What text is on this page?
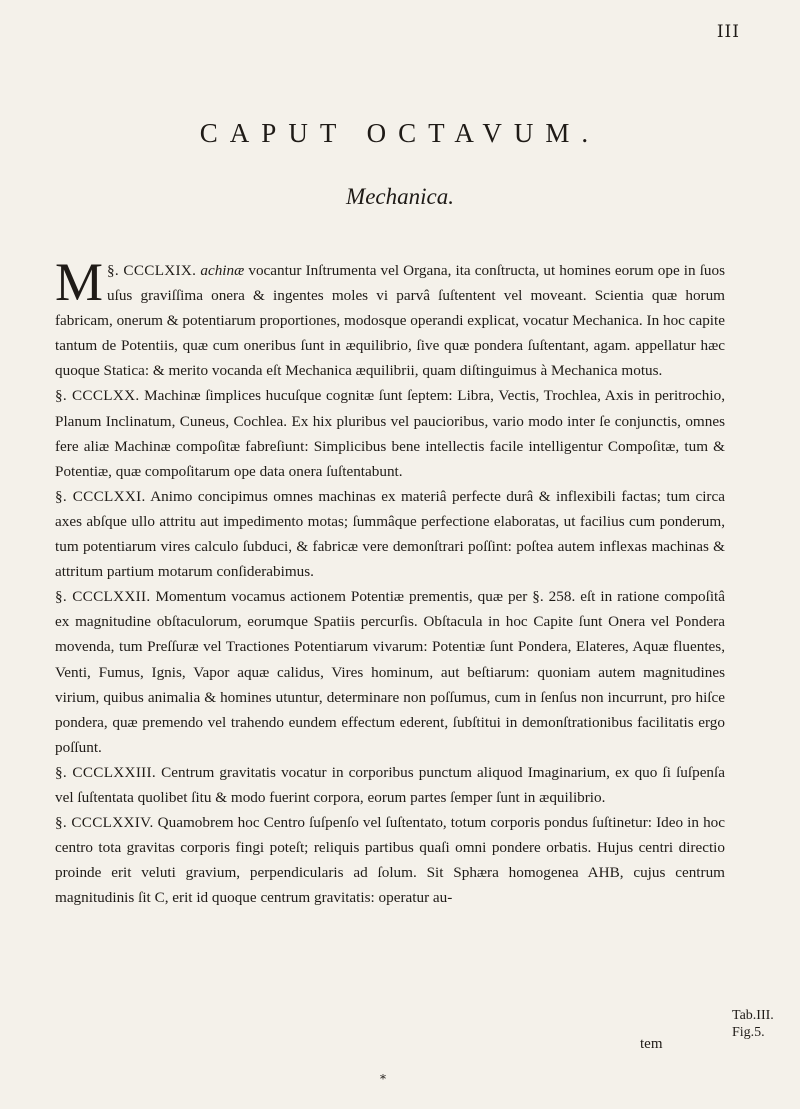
III
CAPUT OCTAVUM.
Mechanica.

§. CCCLXIX.
M	achinæ vocantur Inſtrumenta vel Organa, ita conſtructa, ut homines eorum ope in ſuos uſus graviſſima onera & ingentes moles vi parvâ ſuſtentent vel moveant. Scientia quæ horum fabricam, onerum & potentiarum proportiones, modosque operandi explicat, vocatur Mechanica. In hoc capite tantum de Potentiis, quæ cum oneribus ſunt in æquilibrio, ſive quæ pondera ſuſtentant, agam. appellatur hæc quoque Statica: & merito vocanda eſt Mechanica æquilibrii, quam diſtinguimus à Mechanica motus.

§. CCCLXX. Machinæ ſimplices hucuſque cognitæ ſunt ſeptem: Libra, Vectis, Trochlea, Axis in peritrochio, Planum Inclinatum, Cuneus, Cochlea. Ex hix pluribus vel paucioribus, vario modo inter ſe conjunctis, omnes fere aliæ Machinæ compoſitæ fabreſiunt: Simplicibus bene intellectis facile intelligentur Compoſitæ, tum & Potentiæ, quæ compoſitarum ope data onera ſuſtentabunt.

§. CCCLXXI. Animo concipimus omnes machinas ex materiâ perfecte durâ & inflexibili factas; tum circa axes abſque ullo attritu aut impedimento motas; ſummâque perfectione elaboratas, ut facilius cum ponderum, tum potentiarum vires calculo ſubduci, & fabricæ vere demonſtrari poſſint: poſtea autem inflexas machinas & attritum partium motarum conſiderabimus.

§. CCCLXXII. Momentum vocamus actionem Potentiæ prementis, quæ per §. 258. eſt in ratione compoſitâ ex magnitudine obſtaculorum, eorumque Spatiis percurſis. Obſtacula in hoc Capite ſunt Onera vel Pondera movenda, tum Preſſuræ vel Tractiones Potentiarum vivarum: Potentiæ ſunt Pondera, Elateres, Aquæ fluentes, Venti, Fumus, Ignis, Vapor aquæ calidus, Vires hominum, aut beſtiarum: quoniam autem magnitudines virium, quibus animalia & homines utuntur, determinare non poſſumus, cum in ſenſus non incurrunt, pro hiſce pondera, quæ premendo vel trahendo eundem effectum ederent, ſubſtitui in demonſtrationibus facilitatis ergo poſſunt.

§. CCCLXXIII. Centrum gravitatis vocatur in corporibus punctum aliquod Imaginarium, ex quo ſi ſuſpenſa vel ſuſtentata quolibet ſitu & modo fuerint corpora, eorum partes ſemper ſunt in æquilibrio.

§. CCCLXXIV. Quamobrem hoc Centro ſuſpenſo vel ſuſtentato, totum corporis pondus ſuſtinetur: Ideo in hoc centro tota gravitas corporis fingi poteſt; reliquis partibus quaſi omni pondere orbatis. Hujus centri directio proinde erit veluti gravium, perpendicularis ad ſolum. Sit Sphæra homogenea AHB, cujus centrum magnitudinis ſit C, erit id quoque centrum gravitatis: operatur au-

Tab.III. Fig.5.
tem
*
